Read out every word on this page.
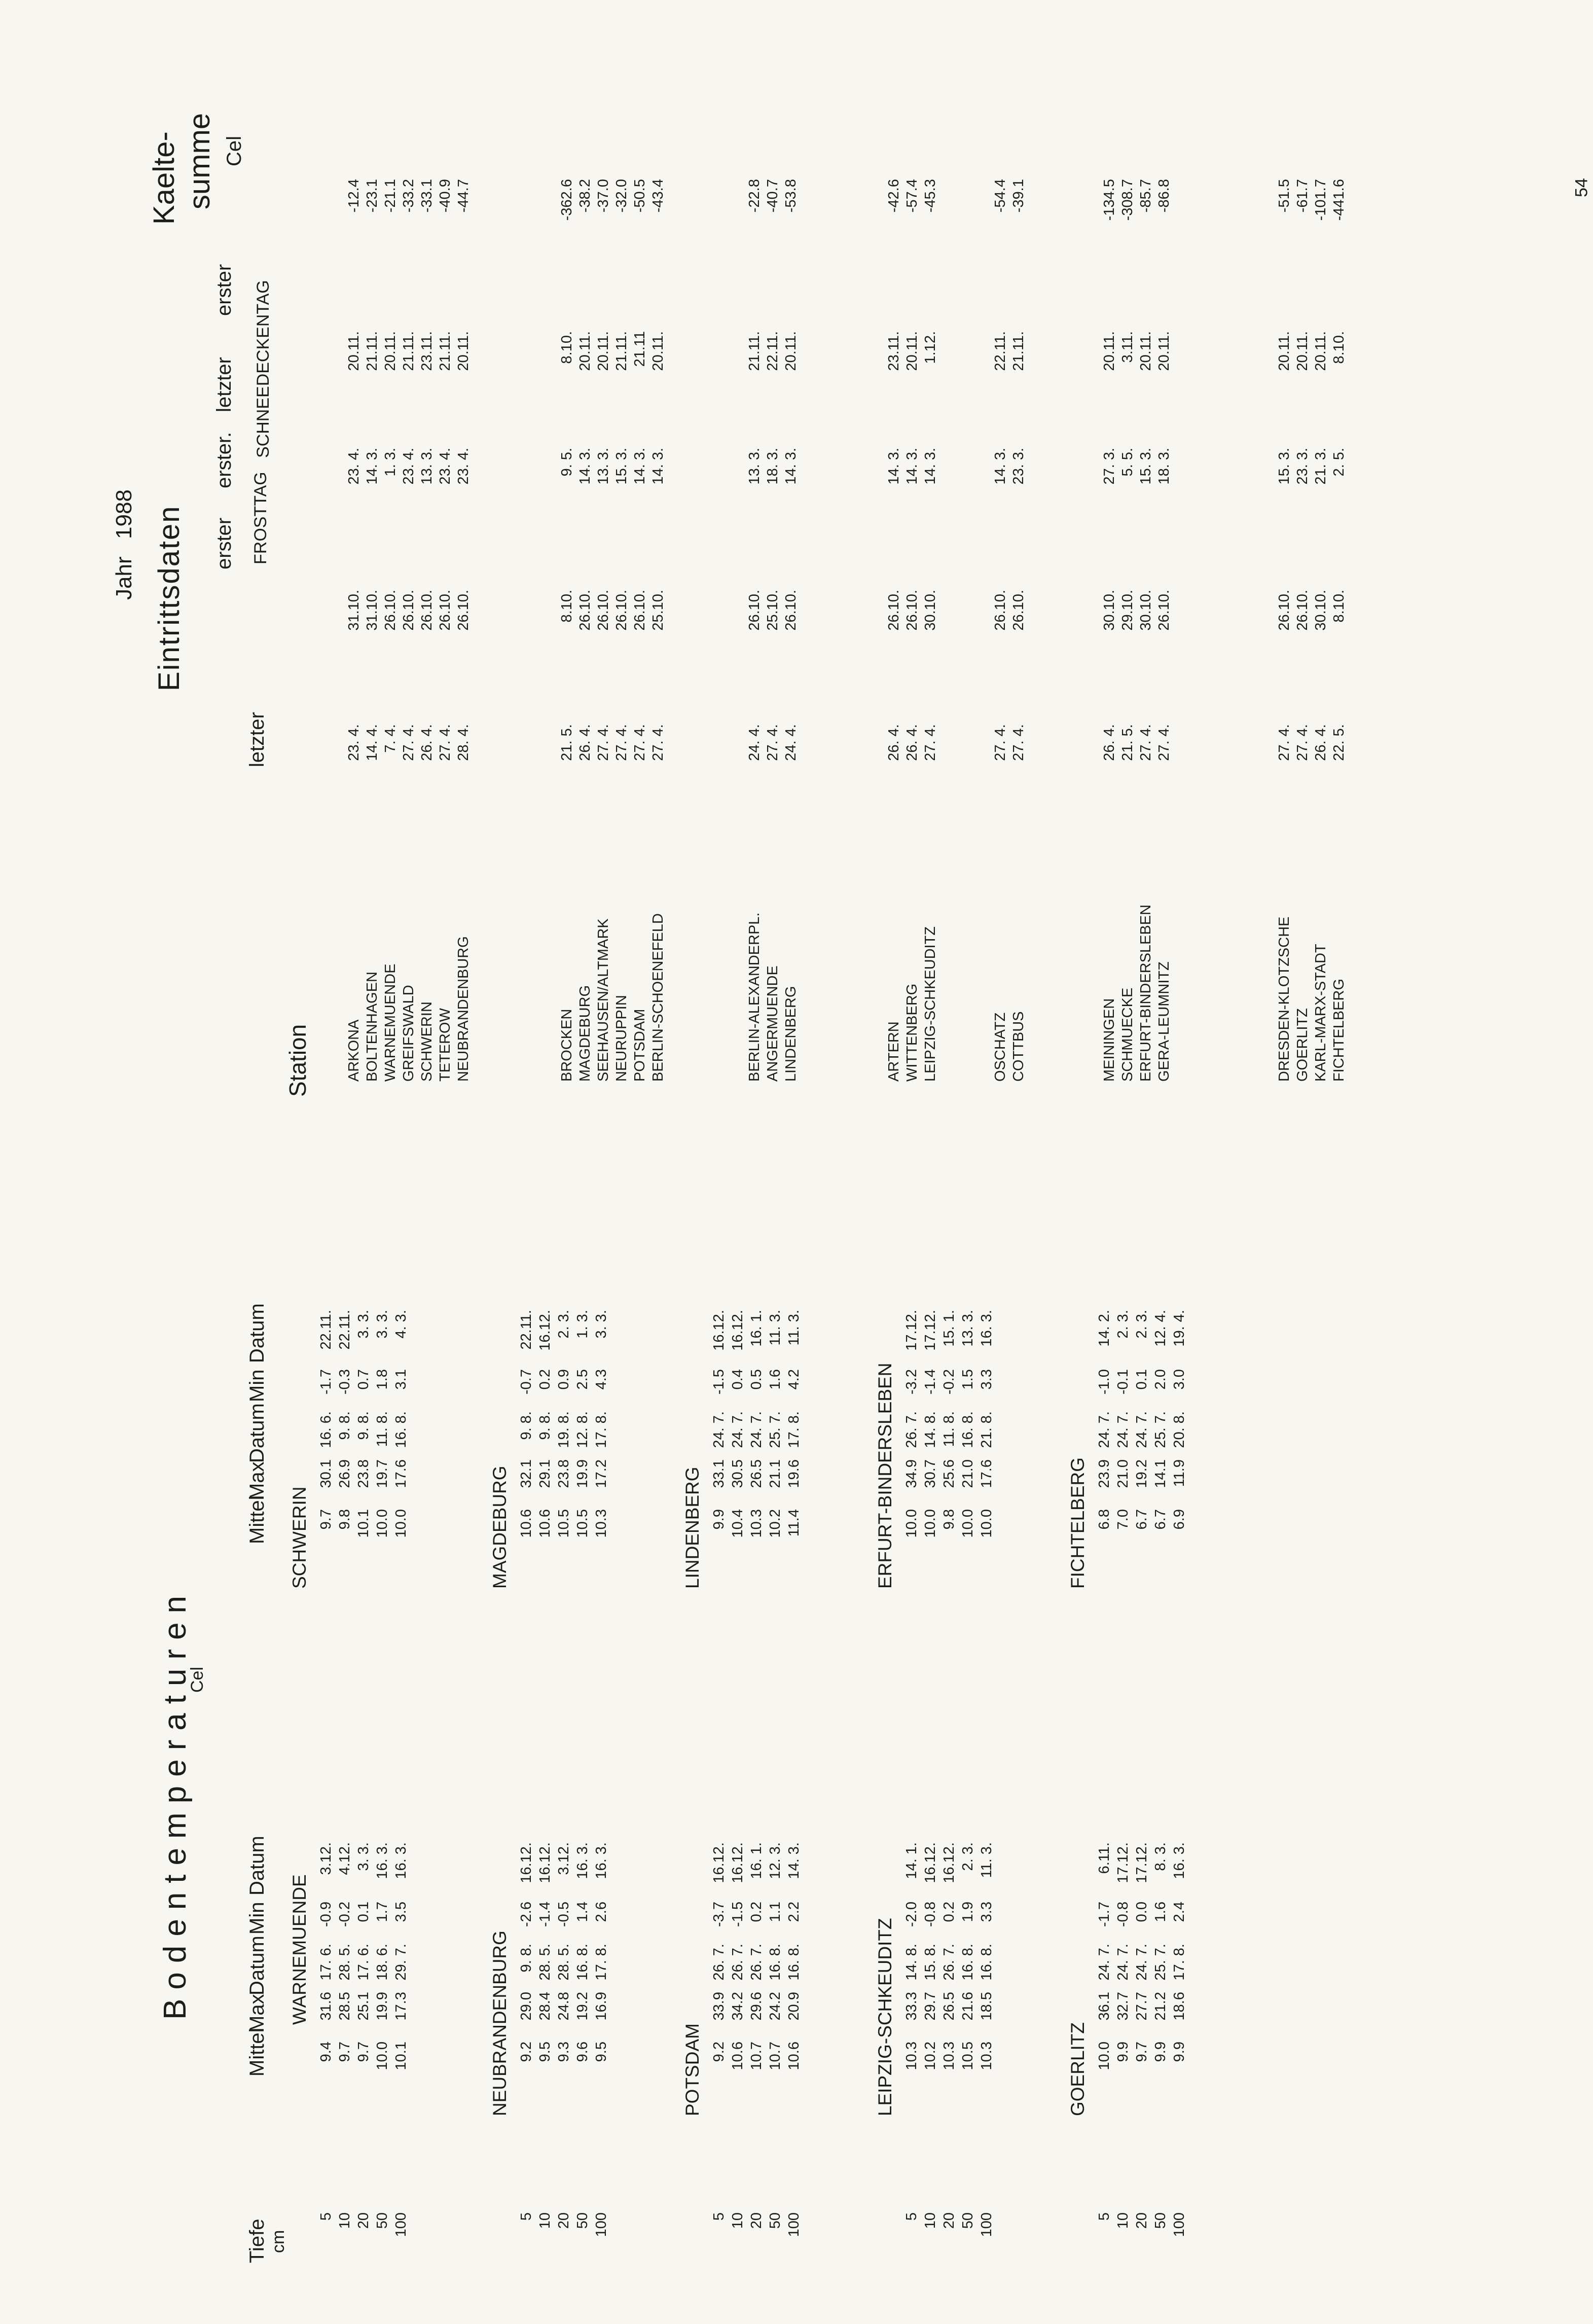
54
Bodentemperaturen
Cel
Tiefe cm
Mittel
Max
Datum
Min
Datum
Mittel
Max
Datum
Min
Datum
WARNEMUENDE
5
9.4
31.6
17. 6.
-0.9
3.12.
10
9.7
28.5
28. 5.
-0.2
4.12.
20
9.7
25.1
17. 6.
0.1
3. 3.
50
10.0
19.9
18. 6.
1.7
16. 3.
100
10.1
17.3
29. 7.
3.5
16. 3.
SCHWERIN 9.7
30.1
16. 6.
-1.7
22.11.
9.8
26.9
9. 8.
-0.3
22.11.
10.1
23.8
9. 8.
0.7
3. 3.
10.0
19.7
11. 8.
1.8
3. 3.
10.0
17.6
16. 8.
3.1
4. 3.
NEUBRANDENBURG
5
9.2
29.0
9. 8.
-2.6
16.12.
10
9.5
28.4
28. 5.
-1.4
16.12.
20
9.3
24.8
28. 5.
-0.5
3.12.
50
9.6
19.2
16. 8.
1.4
16. 3.
100
9.5
16.9
17. 8.
2.6
16. 3.
MAGDEBURG 10.6
32.1
9. 8.
-0.7
22.11.
10.6
29.1
9. 8.
0.2
16.12.
10.5
23.8
19. 8.
0.9
2. 3.
10.5
19.9
12. 8.
2.5
1. 3.
10.3
17.2
17. 8.
4.3
3. 3.
POTSDAM
5
9.2
33.9
26. 7.
-3.7
16.12.
10
10.6
34.2
26. 7.
-1.5
16.12.
20
10.7
29.6
26. 7.
0.2
16. 1.
50
10.7
24.2
16. 8.
1.1
12. 3.
100
10.6
20.9
16. 8.
2.2
14. 3.
LINDENBERG 9.9
33.1
24. 7.
-1.5
16.12.
10.4
30.5
24. 7.
0.4
16.12.
10.3
26.5
24. 7.
0.5
16. 1.
10.2
21.1
25. 7.
1.6
11. 3.
11.4
19.6
17. 8.
4.2
11. 3.
LEIPZIG-SCHKEUDITZ
5
10.3
33.3
14. 8.
-2.0
14. 1.
10
10.2
29.7
15. 8.
-0.8
16.12.
20
10.3
26.5
26. 7.
0.2
16.12.
50
10.5
21.6
16. 8.
1.9
2. 3.
100
10.3
18.5
16. 8.
3.3
11. 3.
ERFURT-BINDERSLEBEN 10.0
34.9
26. 7.
-3.2
17.12.
10.0
30.7
14. 8.
-1.4
17.12.
9.8
25.6
11. 8.
-0.2
15. 1.
10.0
21.0
16. 8.
1.5
13. 3.
10.0
17.6
21. 8.
3.3
16. 3.
GOERLITZ
5
10.0
36.1
24. 7.
-1.7
6.11.
10
9.9
32.7
24. 7.
-0.8
17.12.
20
9.7
27.7
24. 7.
0.0
17.12.
50
9.9
21.2
25. 7.
1.6
8. 3.
100
9.9
18.6
17. 8.
2.4
16. 3.
FICHTELBERG 6.8
23.9
24. 7.
-1.0
14. 2.
7.0
21.0
24. 7.
-0.1
2. 3.
6.7
19.2
24. 7.
0.1
2. 3.
6.7
14.1
25. 7.
2.0
12. 4.
6.9
11.9
20. 8.
3.0
19. 4.
Jahr
1988 Eintrittsdaten
Kaelte- summe Cel
letzter
erster
erster.
letzter
erster
FROSTTAG
SCHNEEDECKENTAG
Station ARKONA
23. 4.
31.10.
23. 4.
20.11.
-12.4
BOLTENHAGEN
14. 4.
31.10.
14. 3.
21.11.
-23.1
WARNEMUENDE
7. 4.
26.10.
1. 3.
20.11.
-21.1
GREIFSWALD
27. 4.
26.10.
23. 4.
21.11.
-33.2
SCHWERIN
26. 4.
26.10.
13. 3.
23.11.
-33.1
TETEROW
27. 4.
26.10.
23. 4.
21.11.
-40.9
NEUBRANDENBURG
28. 4.
26.10.
23. 4.
20.11.
-44.7
BROCKEN
21. 5.
8.10.
9. 5.
8.10.
-362.6
MAGDEBURG
26. 4.
26.10.
14. 3.
20.11.
-38.2
SEEHAUSEN/ALTMARK
27. 4.
26.10.
13. 3.
20.11.
-37.0
NEURUPPIN
27. 4.
26.10.
15. 3.
21.11.
-32.0
POTSDAM
27. 4.
26.10.
14. 3.
21.11
-50.5
BERLIN-SCHOENEFELD
27. 4.
25.10.
14. 3.
20.11.
-43.4
BERLIN-ALEXANDERPL.
24. 4.
26.10.
13. 3.
21.11.
-22.8
ANGERMUENDE
27. 4.
25.10.
18. 3.
22.11.
-40.7
LINDENBERG
24. 4.
26.10.
14. 3.
20.11.
-53.8
ARTERN
26. 4.
26.10.
14. 3.
23.11.
-42.6
WITTENBERG
26. 4.
26.10.
14. 3.
20.11.
-57.4
LEIPZIG-SCHKEUDITZ
27. 4.
30.10.
14. 3.
1.12.
-45.3
OSCHATZ
27. 4.
26.10.
14. 3.
22.11.
-54.4
COTTBUS
27. 4.
26.10.
23. 3.
21.11.
-39.1
MEININGEN
26. 4.
30.10.
27. 3.
20.11.
-134.5
SCHMUECKE
21. 5.
29.10.
5. 5.
3.11.
-308.7
ERFURT-BINDERSLEBEN
27. 4.
30.10.
15. 3.
20.11.
-85.7
GERA-LEUMNITZ
27. 4.
26.10.
18. 3.
20.11.
-86.8
DRESDEN-KLOTZSCHE
27. 4.
26.10.
15. 3.
20.11.
-51.5
GOERLITZ
27. 4.
26.10.
23. 3.
20.11.
-61.7
KARL-MARX-STADT
26. 4.
30.10.
21. 3.
20.11.
-101.7
FICHTELBERG
22. 5.
8.10.
2. 5.
8.10.
-441.6
